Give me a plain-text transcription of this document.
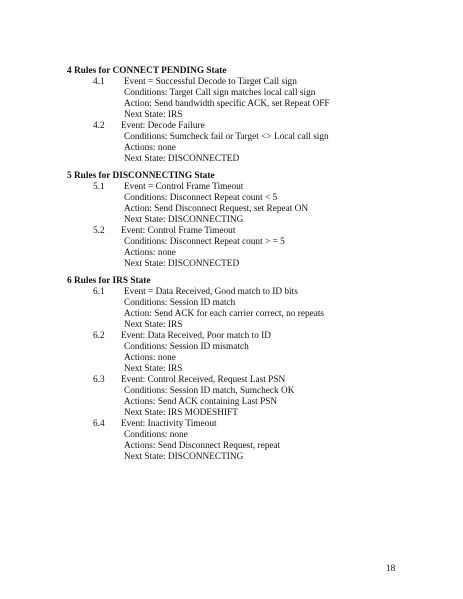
4 Rules for CONNECT PENDING State
4.1 Event = Successful Decode to Target Call sign
Conditions: Target Call sign matches local call sign
Action: Send bandwidth specific ACK, set Repeat OFF
Next State: IRS
4.2 Event: Decode Failure
Conditions: Sumcheck fail or Target <> Local call sign
Actions: none
Next State: DISCONNECTED
5 Rules for DISCONNECTING State
5.1 Event = Control Frame Timeout
Conditions: Disconnect Repeat count < 5
Action: Send Disconnect Request, set Repeat ON
Next State: DISCONNECTING
5.2 Event: Control Frame Timeout
Conditions: Disconnect Repeat count > = 5
Actions: none
Next State: DISCONNECTED
6 Rules for IRS State
6.1 Event = Data Received, Good match to ID bits
Conditions: Session ID match
Action: Send ACK for each carrier correct, no repeats
Next State: IRS
6.2 Event: Data Received, Poor match to ID
Conditions: Session ID mismatch
Actions: none
Next State: IRS
6.3 Event: Control Received, Request Last PSN
Conditions: Session ID match, Sumcheck OK
Actions: Send ACK containing Last PSN
Next State: IRS MODESHIFT
6.4 Event: Inactivity Timeout
Conditions: none
Actions: Send Disconnect Request, repeat
Next State: DISCONNECTING
18
